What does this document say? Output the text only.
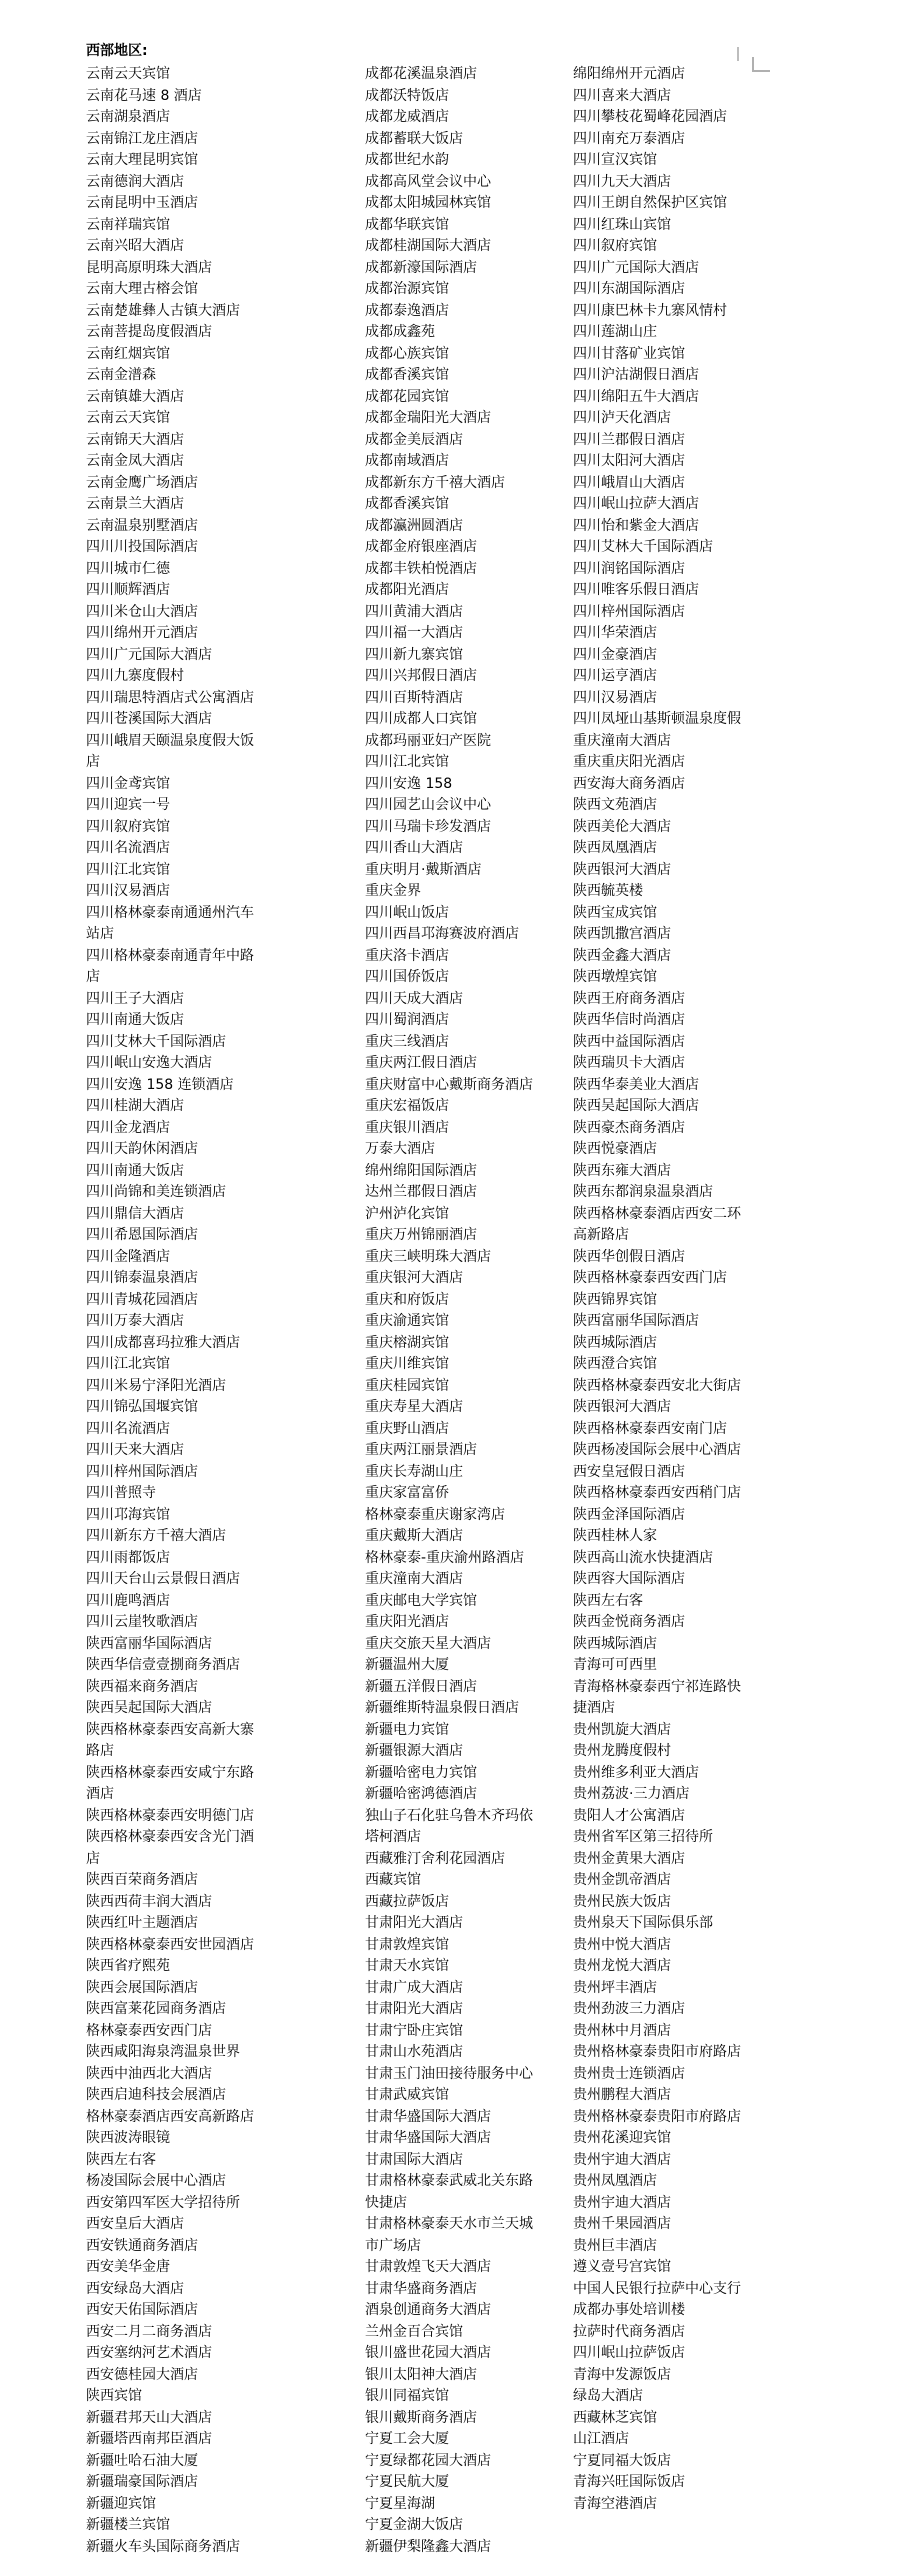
西部地区:
云南云天宾馆
云南花马速 8 酒店
云南湖泉酒店
云南锦江龙庄酒店
云南大理昆明宾馆
云南德润大酒店
云南昆明中玉酒店
云南祥瑞宾馆
云南兴昭大酒店
昆明高原明珠大酒店
云南大理古榕会馆
云南楚雄彝人古镇大酒店
云南菩提岛度假酒店
云南红烟宾馆
云南金潽森
云南镇雄大酒店
云南云天宾馆
云南锦天大酒店
云南金凤大酒店
云南金鹰广场酒店
云南景兰大酒店
云南温泉别墅酒店
四川川投国际酒店
四川城市仁德
四川顺辉酒店
四川米仓山大酒店
四川绵州开元酒店
四川广元国际大酒店
四川九寨度假村
四川瑞思特酒店式公寓酒店
四川苍溪国际大酒店
四川峨眉天颐温泉度假大饭店
四川金鸢宾馆
四川迎宾一号
四川叙府宾馆
四川名流酒店
四川江北宾馆
四川汉易酒店
四川格林豪泰南通通州汽车站店
四川格林豪泰南通青年中路店
四川王子大酒店
四川南通大饭店
四川艾林大千国际酒店
四川岷山安逸大酒店
四川安逸 158 连锁酒店
四川桂湖大酒店
四川金龙酒店
四川天韵休闲酒店
四川南通大饭店
四川尚锦和美连锁酒店
四川鼎信大酒店
四川希恩国际酒店
四川金隆酒店
四川锦泰温泉酒店
四川青城花园酒店
四川万泰大酒店
四川成都喜玛拉雅大酒店
四川江北宾馆
四川米易宁泽阳光酒店
四川锦弘国堰宾馆
四川名流酒店
四川天来大酒店
四川梓州国际酒店
四川普照寺
四川邛海宾馆
四川新东方千禧大酒店
四川雨都饭店
四川天台山云景假日酒店
四川鹿鸣酒店
四川云崖牧歌酒店
陕西富丽华国际酒店
陕西华信壹壹捌商务酒店
陕西福来商务酒店
陕西吴起国际大酒店
陕西格林豪泰西安高新大寨路店
陕西格林豪泰西安咸宁东路酒店
陕西格林豪泰西安明德门店
陕西格林豪泰西安含光门酒店
陕西百荣商务酒店
陕西西荷丰润大酒店
陕西红叶主题酒店
陕西格林豪泰西安世园酒店
陕西省疗熙苑
陕西会展国际酒店
陕西富莱花园商务酒店
格林豪泰西安西门店
陕西咸阳海泉湾温泉世界
陕西中油西北大酒店
陕西启迪科技会展酒店
格林豪泰酒店西安高新路店
陕西波涛眼镜
陕西左右客
杨凌国际会展中心酒店
西安第四军医大学招待所
西安皇后大酒店
西安铁通商务酒店
西安美华金唐
西安绿岛大酒店
西安天佑国际酒店
西安二月二商务酒店
西安塞纳河艺术酒店
西安德桂园大酒店
陕西宾馆
新疆君邦天山大酒店
新疆塔西南邦臣酒店
新疆吐哈石油大厦
新疆瑞豪国际酒店
新疆迎宾馆
新疆楼兰宾馆
新疆火车头国际商务酒店
成都花溪温泉酒店
成都沃特饭店
成都龙威酒店
成都蓄联大饭店
成都世纪水韵
成都高风堂会议中心
成都太阳城园林宾馆
成都华联宾馆
成都桂湖国际大酒店
成都新濠国际酒店
成都治源宾馆
成都泰逸酒店
成都成鑫苑
成都心族宾馆
成都香溪宾馆
成都花园宾馆
成都金瑞阳光大酒店
成都金美辰酒店
成都南域酒店
成都新东方千禧大酒店
成都香溪宾馆
成都瀛洲圆酒店
成都金府银座酒店
成都丰铁柏悦酒店
成都阳光酒店
四川黄浦大酒店
四川福一大酒店
四川新九寨宾馆
四川兴邦假日酒店
四川百斯特酒店
四川成都人口宾馆
成都玛丽亚妇产医院
四川江北宾馆
四川安逸 158
四川园艺山会议中心
四川马瑞卡珍发酒店
四川香山大酒店
重庆明月·戴斯酒店
重庆金界
四川岷山饭店
四川西昌邛海赛波府酒店
重庆洛卡酒店
四川国侨饭店
四川天成大酒店
四川蜀润酒店
重庆三线酒店
重庆两江假日酒店
重庆财富中心戴斯商务酒店
重庆宏福饭店
重庆银川酒店
万泰大酒店
绵州绵阳国际酒店
达州兰郡假日酒店
沪州泸化宾馆
重庆万州锦丽酒店
重庆三峡明珠大酒店
重庆银河大酒店
重庆和府饭店
重庆渝通宾馆
重庆榕湖宾馆
重庆川维宾馆
重庆桂园宾馆
重庆寿星大酒店
重庆野山酒店
重庆两江丽景酒店
重庆长寿湖山庄
重庆家富富侨
格林豪泰重庆谢家湾店
重庆戴斯大酒店
格林豪泰-重庆渝州路酒店
重庆潼南大酒店
重庆邮电大学宾馆
重庆阳光酒店
重庆交旅天星大酒店
新疆温州大厦
新疆五洋假日酒店
新疆维斯特温泉假日酒店
新疆电力宾馆
新疆银源大酒店
新疆哈密电力宾馆
新疆哈密鸿德酒店
独山子石化驻乌鲁木齐玛依塔柯酒店
西藏雅汀舍利花园酒店
西藏宾馆
西藏拉萨饭店
甘肃阳光大酒店
甘肃敦煌宾馆
甘肃天水宾馆
甘肃广成大酒店
甘肃阳光大酒店
甘肃宁卧庄宾馆
甘肃山水苑酒店
甘肃玉门油田接待服务中心
甘肃武威宾馆
甘肃华盛国际大酒店
甘肃华盛国际大酒店
甘肃国际大酒店
甘肃格林豪泰武威北关东路快捷店
甘肃格林豪泰天水市兰天城市广场店
甘肃敦煌飞天大酒店
甘肃华盛商务酒店
酒泉创通商务大酒店
兰州金百合宾馆
银川盛世花园大酒店
银川太阳神大酒店
银川同福宾馆
银川戴斯商务酒店
宁夏工会大厦
宁夏绿都花园大酒店
宁夏民航大厦
宁夏星海湖
宁夏金湖大饭店
新疆伊梨隆鑫大酒店
绵阳绵州开元酒店
四川喜来大酒店
四川攀枝花蜀峰花园酒店
四川南充万泰酒店
四川宣汉宾馆
四川九天大酒店
四川王朗自然保护区宾馆
四川红珠山宾馆
四川叙府宾馆
四川广元国际大酒店
四川东湖国际酒店
四川康巴林卡九寨风情村
四川莲湖山庄
四川甘落矿业宾馆
四川沪沽湖假日酒店
四川绵阳五牛大酒店
四川泸天化酒店
四川兰郡假日酒店
四川太阳河大酒店
四川峨眉山大酒店
四川岷山拉萨大酒店
四川怡和紫金大酒店
四川艾林大千国际酒店
四川润铭国际酒店
四川唯客乐假日酒店
四川梓州国际酒店
四川华荣酒店
四川金豪酒店
四川运亨酒店
四川汉易酒店
四川凤垭山基斯顿温泉度假
重庆潼南大酒店
重庆重庆阳光酒店
西安海大商务酒店
陕西文苑酒店
陕西美伦大酒店
陕西凤凰酒店
陕西银河大酒店
陕西毓英楼
陕西宝成宾馆
陕西凯撒宫酒店
陕西金鑫大酒店
陕西墩煌宾馆
陕西王府商务酒店
陕西华信时尚酒店
陕西中益国际酒店
陕西瑞贝卡大酒店
陕西华泰美业大酒店
陕西吴起国际大酒店
陕西豪杰商务酒店
陕西悦豪酒店
陕西东雍大酒店
陕西东都润泉温泉酒店
陕西格林豪泰酒店西安二环高新路店
陕西华创假日酒店
陕西格林豪泰西安西门店
陕西锦界宾馆
陕西富丽华国际酒店
陕西城际酒店
陕西澄合宾馆
陕西格林豪泰西安北大街店
陕西银河大酒店
陕西格林豪泰西安南门店
陕西杨凌国际会展中心酒店
西安皇冠假日酒店
陕西格林豪泰西安西稍门店
陕西金泽国际酒店
陕西桂林人家
陕西高山流水快捷酒店
陕西容大国际酒店
陕西左右客
陕西金悦商务酒店
陕西城际酒店
青海可可西里
青海格林豪泰西宁祁连路快捷酒店
贵州凯旋大酒店
贵州龙腾度假村
贵州维多利亚大酒店
贵州荔波·三力酒店
贵阳人才公寓酒店
贵州省军区第三招待所
贵州金黄果大酒店
贵州金凯帝酒店
贵州民族大饭店
贵州泉天下国际俱乐部
贵州中悦大酒店
贵州龙悦大酒店
贵州坪丰酒店
贵州劲波三力酒店
贵州林中月酒店
贵州格林豪泰贵阳市府路店
贵州贵士连锁酒店
贵州鹏程大酒店
贵州格林豪泰贵阳市府路店
贵州花溪迎宾馆
贵州宇迪大酒店
贵州凤凰酒店
贵州宇迪大酒店
贵州千果园酒店
贵州巨丰酒店
遵义壹号宫宾馆
中国人民银行拉萨中心支行成都办事处培训楼
拉萨时代商务酒店
四川岷山拉萨饭店
青海中发源饭店
绿岛大酒店
西藏林芝宾馆
山江酒店
宁夏同福大饭店
青海兴旺国际饭店
青海空港酒店
